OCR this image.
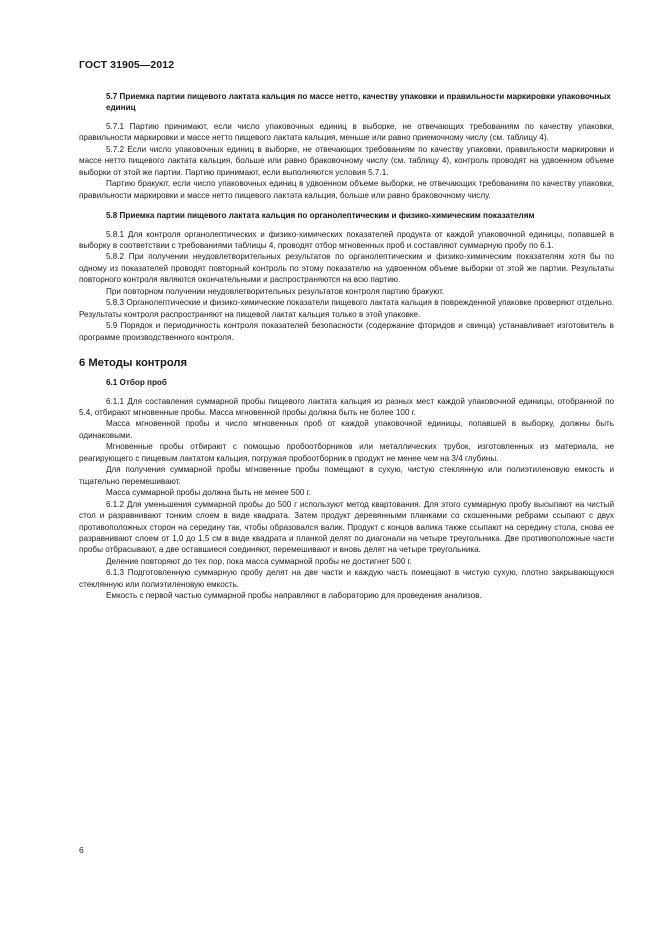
ГОСТ 31905—2012

5.7 Приемка партии пищевого лактата кальция по массе нетто, качеству упаковки и правильности маркировки упаковочных единиц

5.7.1 Партию принимают, если число упаковочных единиц в выборке, не отвечающих требованиям по качеству упаковки, правильности маркировки и массе нетто пищевого лактата кальция, меньше или равно приемочному числу (см. таблицу 4).

5.7.2 Если число упаковочных единиц в выборке, не отвечающих требованиям по качеству упаковки, правильности маркировки и массе нетто пищевого лактата кальция, больше или равно браковочному числу (см. таблицу 4), контроль проводят на удвоенном объеме выборки от этой же партии. Партию принимают, если выполняются условия 5.7.1.

Партию бракуют, если число упаковочных единиц в удвоенном объеме выборки, не отвечающих требованиям по качеству упаковки, правильности маркировки и массе нетто пищевого лактата кальция, больше или равно браковочному числу.

5.8 Приемка партии пищевого лактата кальция по органолептическим и физико-химическим показателям

5.8.1 Для контроля органолептических и физико-химических показателей продукта от каждой упаковочной единицы, попавшей в выборку в соответствии с требованиями таблицы 4, проводят отбор мгновенных проб и составляют суммарную пробу по 6.1.

5.8.2 При получении неудовлетворительных результатов по органолептическим и физико-химическим показателям хотя бы по одному из показателей проводят повторный контроль по этому показателю на удвоенном объеме выборки от этой же партии. Результаты повторного контроля являются окончательными и распространяются на всю партию.

При повторном получении неудовлетворительных результатов контроля партию бракуют.

5.8.3 Органолептические и физико-химические показатели пищевого лактата кальция в поврежденной упаковке проверяют отдельно. Результаты контроля распространяют на пищевой лактат кальция только в этой упаковке.

5.9 Порядок и периодичность контроля показателей безопасности (содержание фторидов и свинца) устанавливает изготовитель в программе производственного контроля.

6 Методы контроля

6.1 Отбор проб

6.1.1 Для составления суммарной пробы пищевого лактата кальция из разных мест каждой упаковочной единицы, отобранной по 5.4, отбирают мгновенные пробы. Масса мгновенной пробы должна быть не более 100 г.

Масса мгновенной пробы и число мгновенных проб от каждой упаковочной единицы, попавшей в выборку, должны быть одинаковыми.

Мгновенные пробы отбирают с помощью пробоотборников или металлических трубок, изготовленных из материала, не реагирующего с пищевым лактатом кальция, погружая пробоотборник в продукт не менее чем на 3/4 глубины.

Для получения суммарной пробы мгновенные пробы помещают в сухую, чистую стеклянную или полиэтиленовую емкость и тщательно перемешивают.

Масса суммарной пробы должна быть не менее 500 г.

6.1.2 Для уменьшения суммарной пробы до 500 г используют метод квартования. Для этого суммарную пробу высыпают на чистый стол и разравнивают тонким слоем в виде квадрата. Затем продукт деревянными планками со скошенными ребрами ссыпают с двух противоположных сторон на середину так, чтобы образовался валик. Продукт с концов валика также ссыпают на середину стола, снова ее разравнивают слоем от 1,0 до 1,5 см в виде квадрата и планкой делят по диагонали на четыре треугольника. Две противоположные части пробы отбрасывают, а две оставшиеся соединяют, перемешивают и вновь делят на четыре треугольника.

Деление повторяют до тех пор, пока масса суммарной пробы не достигнет 500 г.

6.1.3 Подготовленную суммарную пробу делят на две части и каждую часть помещают в чистую сухую, плотно закрывающуюся стеклянную или полиэтиленовую емкость.

Емкость с первой частью суммарной пробы направляют в лабораторию для проведения анализов.

6
